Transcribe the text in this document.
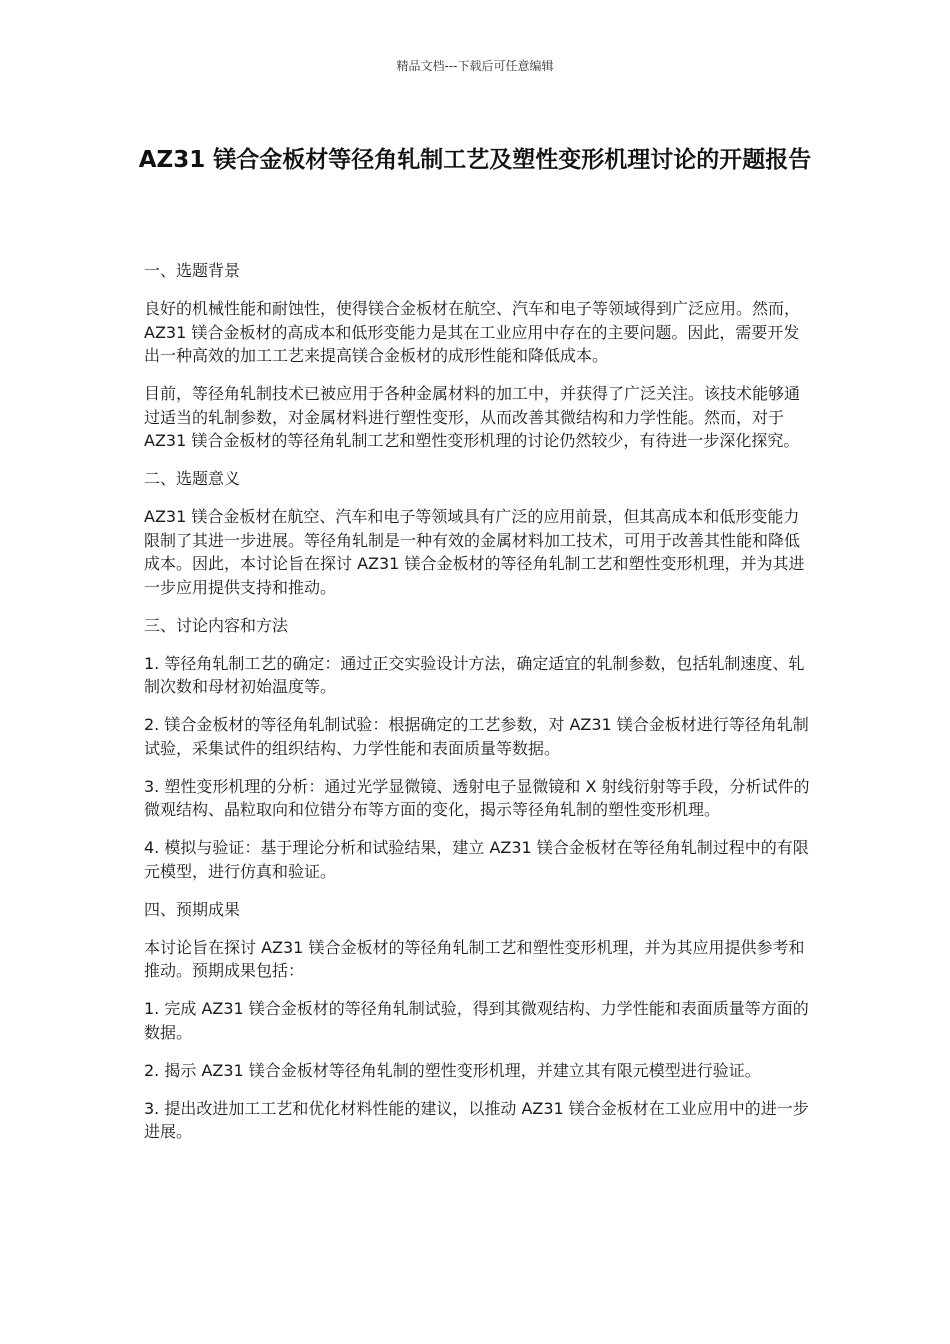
精品文档---下载后可任意编辑
AZ31 镁合金板材等径角轧制工艺及塑性变形机理讨论的开题报告

一、选题背景

良好的机械性能和耐蚀性，使得镁合金板材在航空、汽车和电子等领域得到广泛应用。然而，AZ31 镁合金板材的高成本和低形变能力是其在工业应用中存在的主要问题。因此，需要开发出一种高效的加工工艺来提高镁合金板材的成形性能和降低成本。

目前，等径角轧制技术已被应用于各种金属材料的加工中，并获得了广泛关注。该技术能够通过适当的轧制参数，对金属材料进行塑性变形，从而改善其微结构和力学性能。然而，对于 AZ31 镁合金板材的等径角轧制工艺和塑性变形机理的讨论仍然较少，有待进一步深化探究。

二、选题意义

AZ31 镁合金板材在航空、汽车和电子等领域具有广泛的应用前景，但其高成本和低形变能力限制了其进一步进展。等径角轧制是一种有效的金属材料加工技术，可用于改善其性能和降低成本。因此，本讨论旨在探讨 AZ31 镁合金板材的等径角轧制工艺和塑性变形机理，并为其进一步应用提供支持和推动。

三、讨论内容和方法

1. 等径角轧制工艺的确定：通过正交实验设计方法，确定适宜的轧制参数，包括轧制速度、轧制次数和母材初始温度等。

2. 镁合金板材的等径角轧制试验：根据确定的工艺参数，对 AZ31 镁合金板材进行等径角轧制试验，采集试件的组织结构、力学性能和表面质量等数据。

3. 塑性变形机理的分析：通过光学显微镜、透射电子显微镜和 X 射线衍射等手段，分析试件的微观结构、晶粒取向和位错分布等方面的变化，揭示等径角轧制的塑性变形机理。

4. 模拟与验证：基于理论分析和试验结果，建立 AZ31 镁合金板材在等径角轧制过程中的有限元模型，进行仿真和验证。

四、预期成果

本讨论旨在探讨 AZ31 镁合金板材的等径角轧制工艺和塑性变形机理，并为其应用提供参考和推动。预期成果包括：

1. 完成 AZ31 镁合金板材的等径角轧制试验，得到其微观结构、力学性能和表面质量等方面的数据。

2. 揭示 AZ31 镁合金板材等径角轧制的塑性变形机理，并建立其有限元模型进行验证。

3. 提出改进加工工艺和优化材料性能的建议，以推动 AZ31 镁合金板材在工业应用中的进一步进展。
